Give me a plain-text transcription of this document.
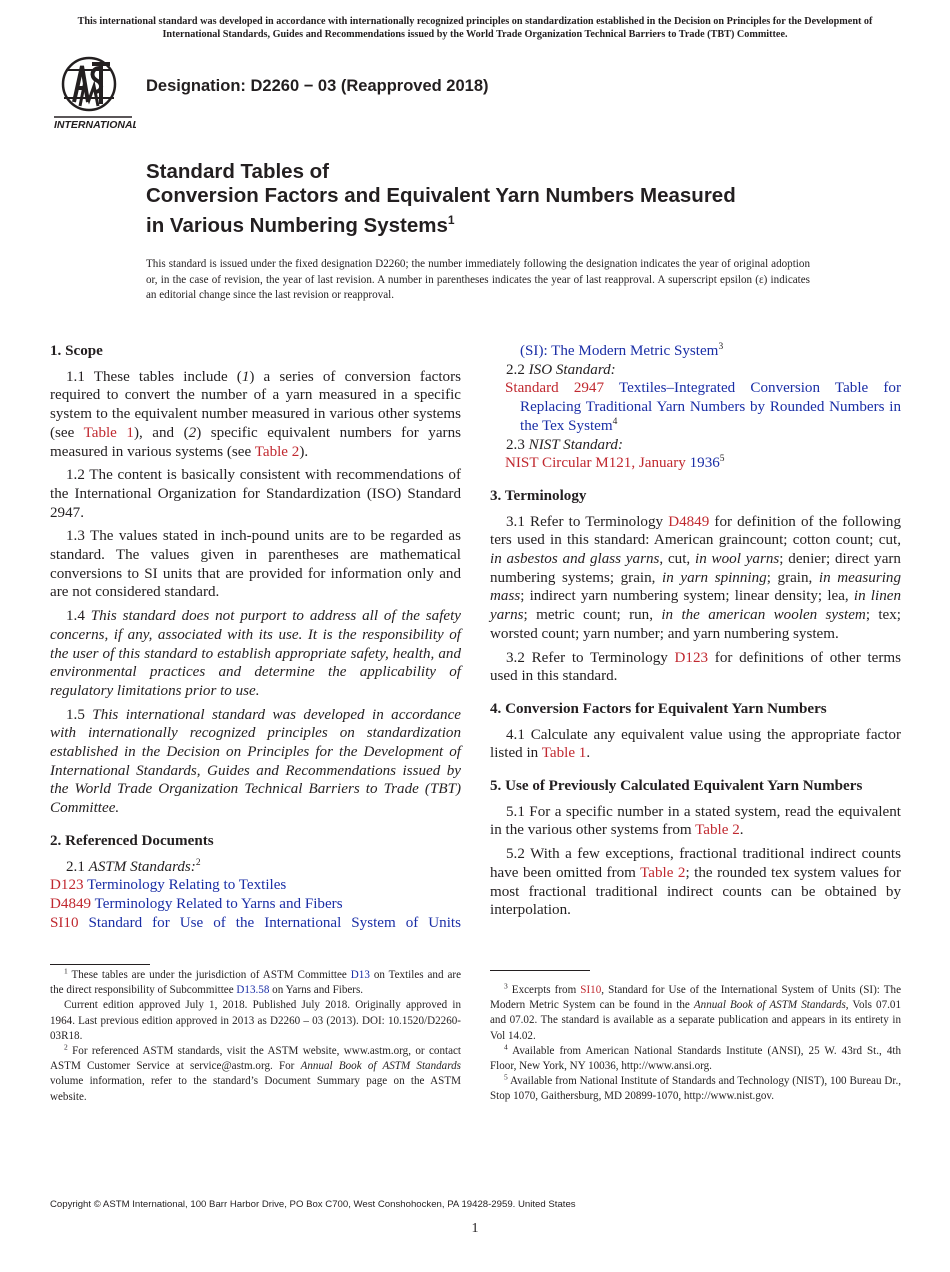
This international standard was developed in accordance with internationally recognized principles on standardization established in the Decision on Principles for the Development of International Standards, Guides and Recommendations issued by the World Trade Organization Technical Barriers to Trade (TBT) Committee.
INTERNATIONAL
Designation: D2260 − 03 (Reapproved 2018)
Standard Tables of
Conversion Factors and Equivalent Yarn Numbers Measured
in Various Numbering Systems$^1$
This standard is issued under the fixed designation D2260; the number immediately following the designation indicates the year of original adoption or, in the case of revision, the year of last revision. A number in parentheses indicates the year of last reapproval. A superscript epsilon (ε) indicates an editorial change since the last revision or reapproval.
1. Scope

1.1 These tables include (1) a series of conversion factors required to convert the number of a yarn measured in a specific system to the equivalent number measured in various other systems (see Table 1), and (2) specific equivalent numbers for yarns measured in various systems (see Table 2).

1.2 The content is basically consistent with recommendations of the International Organization for Standardization (ISO) Standard 2947.

1.3 The values stated in inch-pound units are to be regarded as standard. The values given in parentheses are mathematical conversions to SI units that are provided for information only and are not considered standard.

1.4 This standard does not purport to address all of the safety concerns, if any, associated with its use. It is the responsibility of the user of this standard to establish appropriate safety, health, and environmental practices and determine the applicability of regulatory limitations prior to use.

1.5 This international standard was developed in accordance with internationally recognized principles on standardization established in the Decision on Principles for the Development of International Standards, Guides and Recommendations issued by the World Trade Organization Technical Barriers to Trade (TBT) Committee.

2. Referenced Documents
2.1 ASTM Standards:$^2$
D123 Terminology Relating to Textiles
D4849 Terminology Related to Yarns and Fibers
SI10 Standard for Use of the International System of Units
(SI): The Modern Metric System$^3$
2.2 ISO Standard:
Standard 2947 Textiles–Integrated Conversion Table for Replacing Traditional Yarn Numbers by Rounded Numbers in the Tex System$^4$
2.3 NIST Standard:
NIST Circular M121, January 1936$^5$
3. Terminology

3.1 Refer to Terminology D4849 for definition of the following ters used in this standard: American graincount; cotton count; cut, in asbestos and glass yarns, cut, in wool yarns; denier; direct yarn numbering systems; grain, in yarn spinning; grain, in measuring mass; indirect yarn numbering system; linear density; lea, in linen yarns; metric count; run, in the american woolen system; tex; worsted count; yarn number; and yarn numbering system.

3.2 Refer to Terminology D123 for definitions of other terms used in this standard.

4. Conversion Factors for Equivalent Yarn Numbers

4.1 Calculate any equivalent value using the appropriate factor listed in Table 1.

5. Use of Previously Calculated Equivalent Yarn Numbers

5.1 For a specific number in a stated system, read the equivalent in the various other systems from Table 2.

5.2 With a few exceptions, fractional traditional indirect counts have been omitted from Table 2; the rounded tex system values for most fractional traditional indirect counts can be obtained by interpolation.

$^1$ These tables are under the jurisdiction of ASTM Committee D13 on Textiles and are the direct responsibility of Subcommittee D13.58 on Yarns and Fibers.

Current edition approved July 1, 2018. Published July 2018. Originally approved in 1964. Last previous edition approved in 2013 as D2260 – 03 (2013). DOI: 10.1520/D2260-03R18.

$^2$ For referenced ASTM standards, visit the ASTM website, www.astm.org, or contact ASTM Customer Service at service@astm.org. For Annual Book of ASTM Standards volume information, refer to the standard’s Document Summary page on the ASTM website.

$^3$ Excerpts from SI10, Standard for Use of the International System of Units (SI): The Modern Metric System can be found in the Annual Book of ASTM Standards, Vols 07.01 and 07.02. The standard is available as a separate publication and appears in its entirety in Vol 14.02.

$^4$ Available from American National Standards Institute (ANSI), 25 W. 43rd St., 4th Floor, New York, NY 10036, http://www.ansi.org.

$^5$ Available from National Institute of Standards and Technology (NIST), 100 Bureau Dr., Stop 1070, Gaithersburg, MD 20899-1070, http://www.nist.gov.

Copyright © ASTM International, 100 Barr Harbor Drive, PO Box C700, West Conshohocken, PA 19428-2959. United States
1
